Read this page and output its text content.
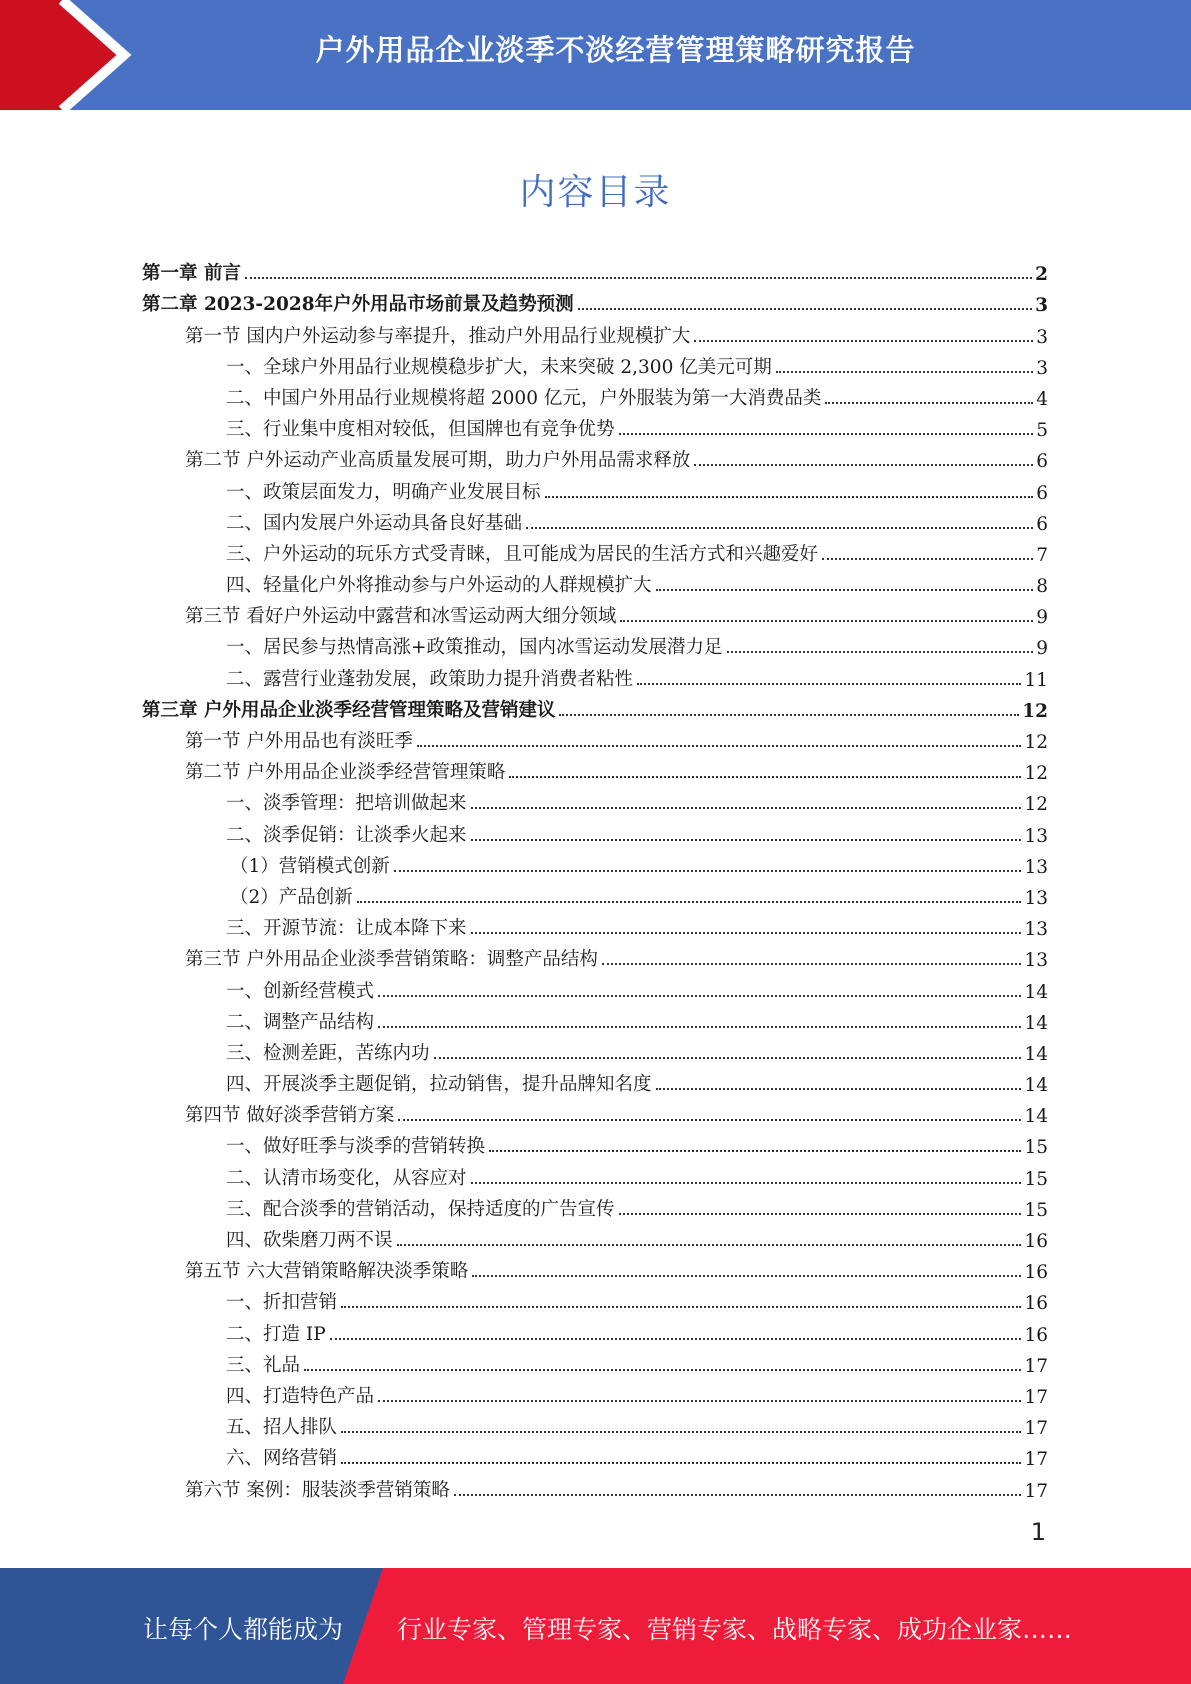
户外用品企业淡季不淡经营管理策略研究报告
内容目录
第一章 前言	2
第二章 2023-2028年户外用品市场前景及趋势预测	3
第一节 国内户外运动参与率提升，推动户外用品行业规模扩大	3
一、全球户外用品行业规模稳步扩大，未来突破 2,300 亿美元可期	3
二、中国户外用品行业规模将超 2000 亿元，户外服装为第一大消费品类	4
三、行业集中度相对较低，但国牌也有竞争优势	5
第二节 户外运动产业高质量发展可期，助力户外用品需求释放	6
一、政策层面发力，明确产业发展目标	6
二、国内发展户外运动具备良好基础	6
三、户外运动的玩乐方式受青睐，且可能成为居民的生活方式和兴趣爱好	7
四、轻量化户外将推动参与户外运动的人群规模扩大	8
第三节 看好户外运动中露营和冰雪运动两大细分领域	9
一、居民参与热情高涨+政策推动，国内冰雪运动发展潜力足	9
二、露营行业蓬勃发展，政策助力提升消费者粘性	11
第三章 户外用品企业淡季经营管理策略及营销建议	12
第一节 户外用品也有淡旺季	12
第二节 户外用品企业淡季经营管理策略	12
一、淡季管理：把培训做起来	12
二、淡季促销：让淡季火起来	13
（1）营销模式创新	13
（2）产品创新	13
三、开源节流：让成本降下来	13
第三节 户外用品企业淡季营销策略：调整产品结构	13
一、创新经营模式	14
二、调整产品结构	14
三、检测差距，苦练内功	14
四、开展淡季主题促销，拉动销售，提升品牌知名度	14
第四节 做好淡季营销方案	14
一、做好旺季与淡季的营销转换	15
二、认清市场变化，从容应对	15
三、配合淡季的营销活动，保持适度的广告宣传	15
四、砍柴磨刀两不误	16
第五节 六大营销策略解决淡季策略	16
一、折扣营销	16
二、打造 IP	16
三、礼品	17
四、打造特色产品	17
五、招人排队	17
六、网络营销	17
第六节 案例：服装淡季营销策略	17
1
让每个人都能成为 行业专家、管理专家、营销专家、战略专家、成功企业家……
